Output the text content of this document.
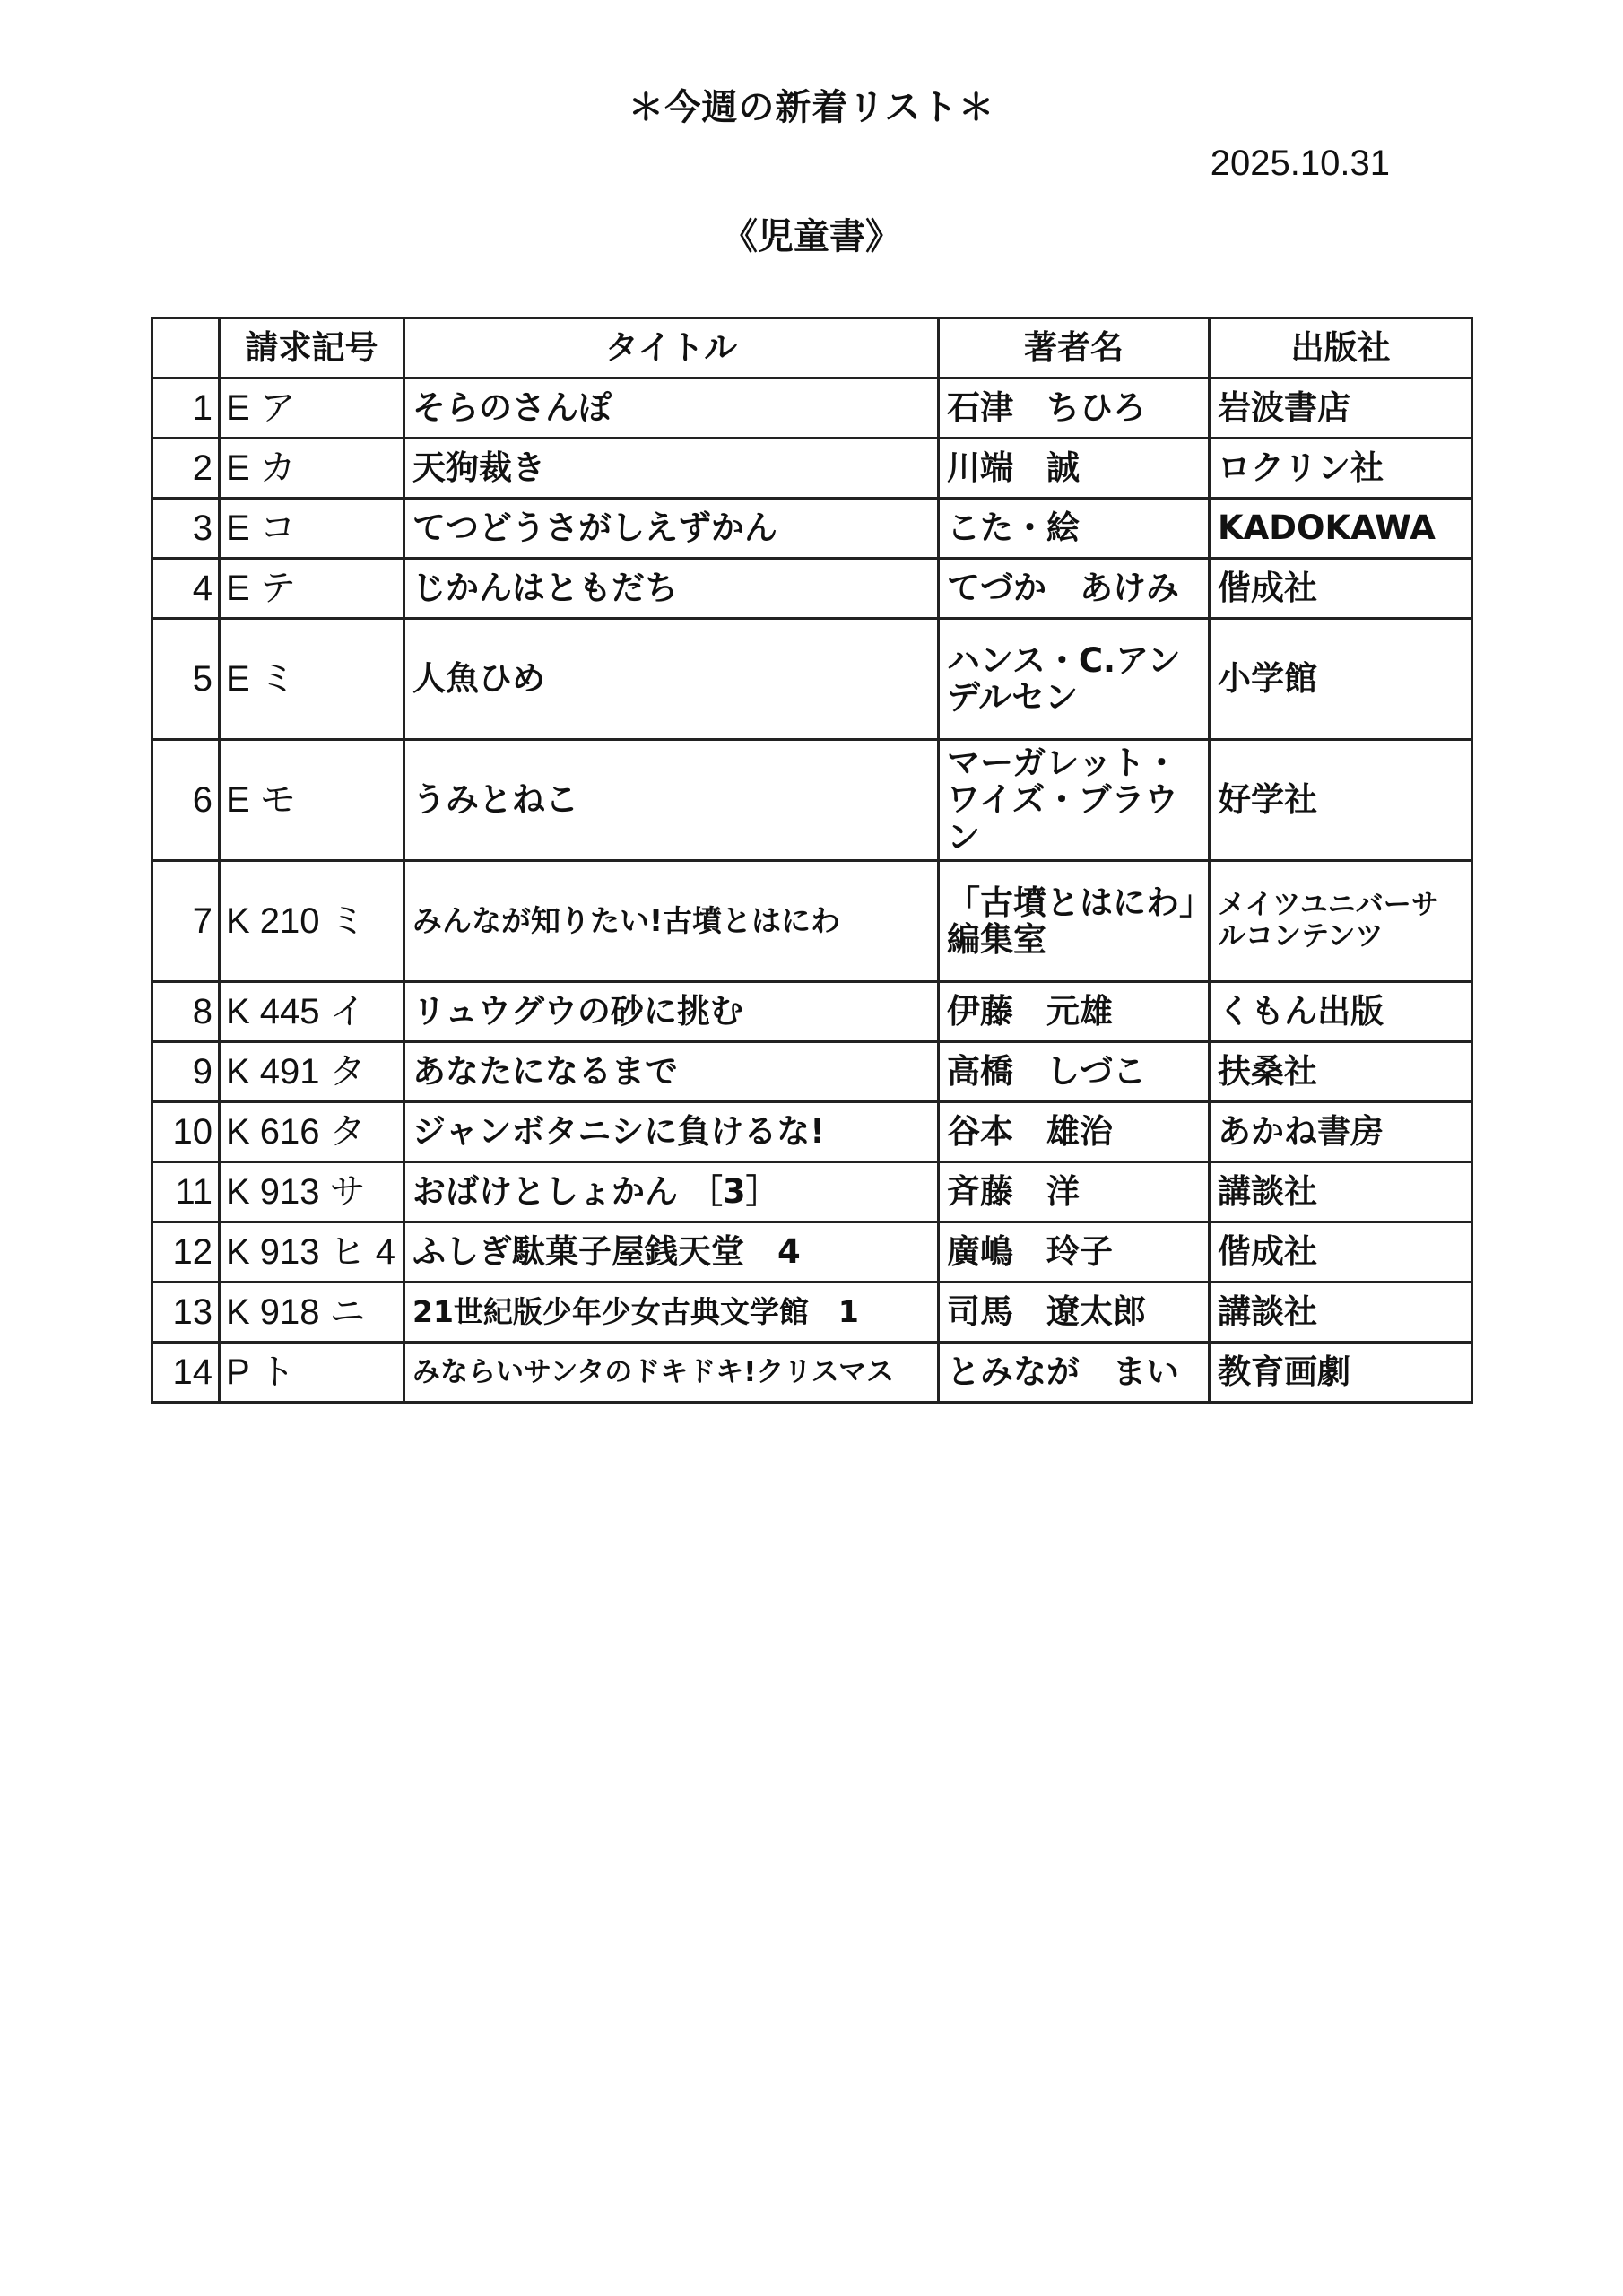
＊今週の新着リスト＊
2025.10.31
《児童書》
	請求記号	タイトル	著者名	出版社
1	E ア	そらのさんぽ	石津　ちひろ	岩波書店
2	E カ	天狗裁き	川端　誠	ロクリン社
3	E コ	てつどうさがしえずかん	こた・絵	KADOKAWA
4	E テ	じかんはともだち	てづか　あけみ	偕成社
5	E ミ	人魚ひめ	ハンス・C.アンデルセン	小学館
6	E モ	うみとねこ	マーガレット・ワイズ・ブラウン	好学社
7	K 210 ミ	みんなが知りたい!古墳とはにわ	「古墳とはにわ」編集室	メイツユニバーサルコンテンツ
8	K 445 イ	リュウグウの砂に挑む	伊藤　元雄	くもん出版
9	K 491 タ	あなたになるまで	高橋　しづこ	扶桑社
10	K 616 タ	ジャンボタニシに負けるな!	谷本　雄治	あかね書房
11	K 913 サ	おばけとしょかん ［3］	斉藤　洋	講談社
12	K 913 ヒ 4	ふしぎ駄菓子屋銭天堂　4	廣嶋　玲子	偕成社
13	K 918 ニ	21世紀版少年少女古典文学館　1	司馬　遼太郎	講談社
14	P ト	みならいサンタのドキドキ!クリスマス	とみなが　まい	教育画劇
